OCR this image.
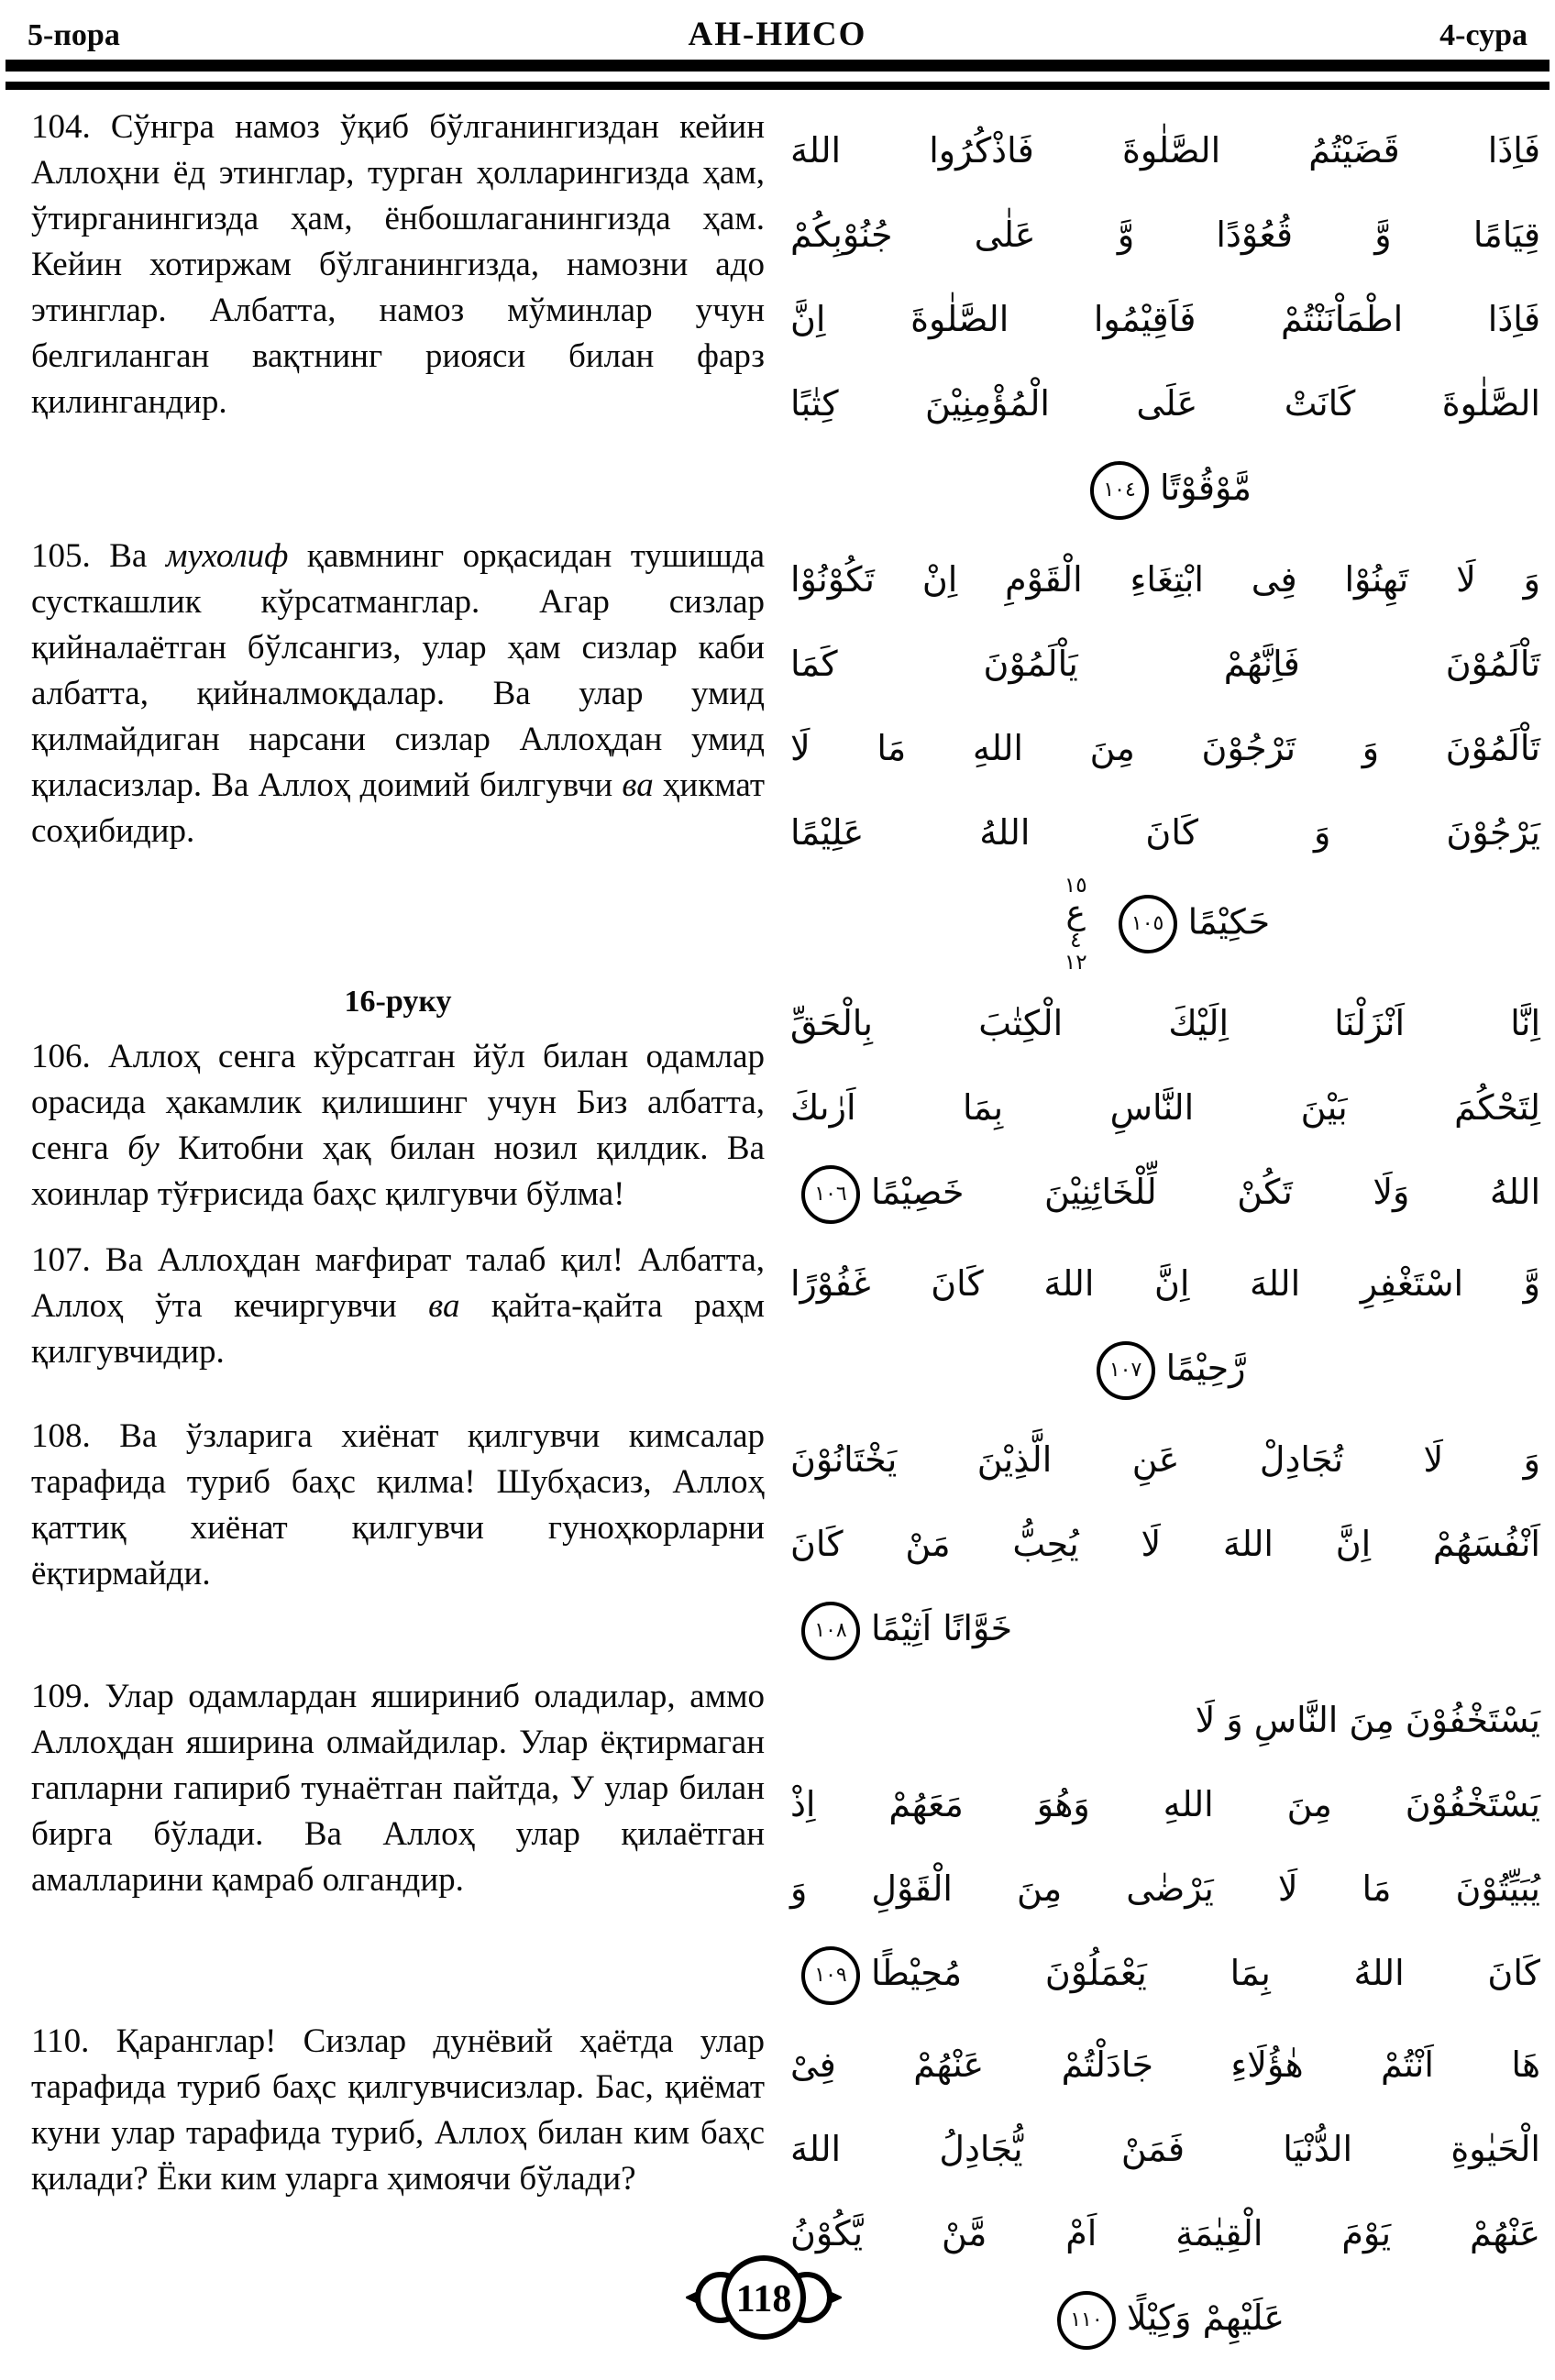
5-пора	АН-НИСО	4-сура

104. Сўнгра намоз ўқиб бўлганингиздан кейин Аллоҳни ёд этинглар, турган ҳолларингизда ҳам, ўтирганингизда ҳам, ёнбошлаганингизда ҳам. Кейин хотиржам бўлганингизда, намозни адо этинглар. Албатта, намоз мўминлар учун белгиланган вақтнинг риояси билан фарз қилингандир.

فَاِذَا قَضَيْتُمُ الصَّلٰوةَ فَاذْكُرُوا اللهَ
قِيَامًا وَّ قُعُوْدًا وَّ عَلٰى جُنُوْبِكُمْ
فَاِذَا اطْمَاْنَنْتُمْ فَاَقِيْمُوا الصَّلٰوةَ اِنَّ
الصَّلٰوةَ كَانَتْ عَلَى الْمُؤْمِنِيْنَ كِتٰبًا
مَّوْقُوْتًا١٠٤

105. Ва мухолиф қавмнинг орқасидан тушишда сусткашлик кўрсатманглар. Агар сизлар қийналаётган бўлсангиз, улар ҳам сизлар каби албатта, қийналмоқдалар. Ва улар умид қилмайдиган нарсани сизлар Аллоҳдан умид қиласизлар. Ва Аллоҳ доимий билгувчи ва ҳикмат соҳибидир.

وَ لَا تَهِنُوْا فِى ابْتِغَاءِ الْقَوْمِ اِنْ تَكُوْنُوْا
تَاْلَمُوْنَ فَاِنَّهُمْ يَاْلَمُوْنَ كَمَا
تَاْلَمُوْنَ وَ تَرْجُوْنَ مِنَ اللهِ مَا لَا
يَرْجُوْنَ وَ كَانَ اللهُ عَلِيْمًا
حَكِيْمًا١٠٥
١٥
ع
٤
١٢
16-руку

106. Аллоҳ сенга кўрсатган йўл билан одамлар орасида ҳакамлик қилишинг учун Биз албатта, сенга бу Китобни ҳақ билан нозил қилдик. Ва хоинлар тўғрисида баҳс қилгувчи бўлма!

اِنَّا اَنْزَلْنَا اِلَيْكَ الْكِتٰبَ بِالْحَقِّ
لِتَحْكُمَ بَيْنَ النَّاسِ بِمَا اَرٰىكَ
اللهُ وَلَا تَكُنْ لِّلْخَائِنِيْنَ خَصِيْمًا١٠٦

107. Ва Аллоҳдан мағфират талаб қил! Албатта, Аллоҳ ўта кечиргувчи ва қайта-қайта раҳм қилгувчидир.

وَّ اسْتَغْفِرِ اللهَ اِنَّ اللهَ كَانَ غَفُوْرًا
رَّحِيْمًا١٠٧

108. Ва ўзларига хиёнат қилгувчи кимсалар тарафида туриб баҳс қилма! Шубҳасиз, Аллоҳ қаттиқ хиёнат қилгувчи гуноҳкорларни ёқтирмайди.

وَ لَا تُجَادِلْ عَنِ الَّذِيْنَ يَخْتَانُوْنَ
اَنْفُسَهُمْ اِنَّ اللهَ لَا يُحِبُّ مَنْ كَانَ
خَوَّانًا اَثِيْمًا١٠٨

109. Улар одамлардан яшириниб оладилар, аммо Аллоҳдан яширина олмайдилар. Улар ёқтирмаган гапларни гапириб тунаётган пайтда, У улар билан бирга бўлади. Ва Аллоҳ улар қилаётган амалларини қамраб олгандир.

يَسْتَخْفُوْنَ مِنَ النَّاسِ وَ لَا
يَسْتَخْفُوْنَ مِنَ اللهِ وَهُوَ مَعَهُمْ اِذْ
يُبَيِّتُوْنَ مَا لَا يَرْضٰى مِنَ الْقَوْلِ وَ
كَانَ اللهُ بِمَا يَعْمَلُوْنَ مُحِيْطًا١٠٩

110. Қаранглар! Сизлар дунёвий ҳаётда улар тарафида туриб баҳс қилгувчисизлар. Бас, қиёмат куни улар тарафида туриб, Аллоҳ билан ким баҳс қилади? Ёки ким уларга ҳимоячи бўлади?

هَا اَنْتُمْ هٰؤُلَاءِ جَادَلْتُمْ عَنْهُمْ فِىْ
الْحَيٰوةِ الدُّنْيَا فَمَنْ يُّجَادِلُ اللهَ
عَنْهُمْ يَوْمَ الْقِيٰمَةِ اَمْ مَّنْ يَّكُوْنُ
عَلَيْهِمْ وَكِيْلًا١١٠
118
